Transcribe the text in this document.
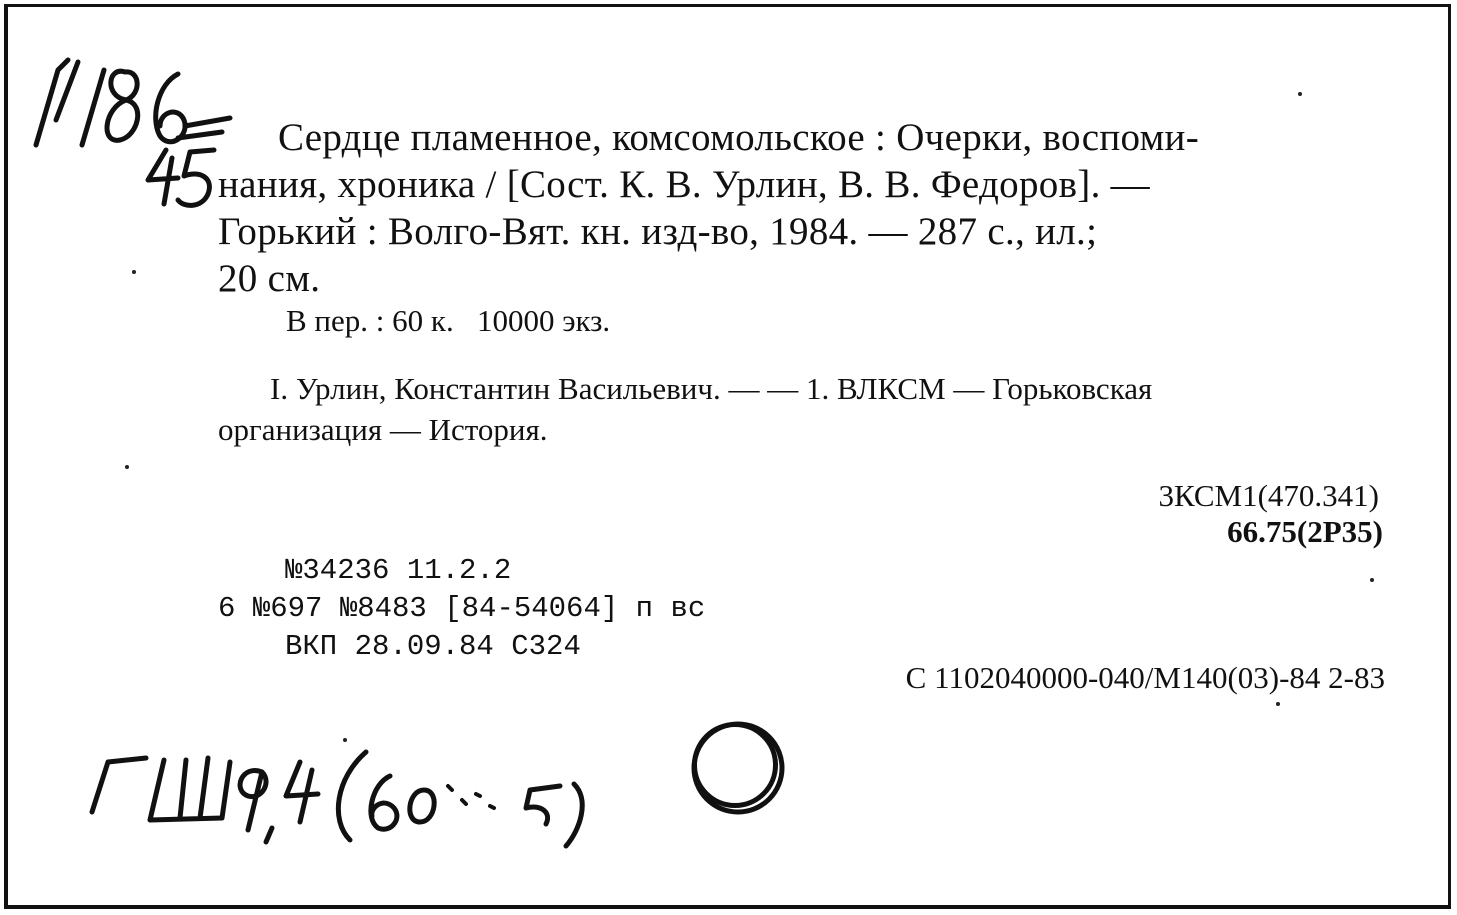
Сердце пламенное, комсомольское : Очерки, воспоми-
нания, хроника / [Сост. К. В. Урлин, В. В. Федоров]. —
Горький : Волго-Вят. кн. изд-во, 1984. — 287 с., ил.;
20 см.
В пер. : 60 к.   10000 экз.
I. Урлин, Константин Васильевич. — — 1. ВЛКСМ — Горьковская
организация — История.
3КСМ1(470.341)
66.75(2Р35)
№34236 11.2.2
6 №697 №8483 [84-54064] п вс
ВКП 28.09.84 С324
С 1102040000-040/М140(03)-84 2-83
